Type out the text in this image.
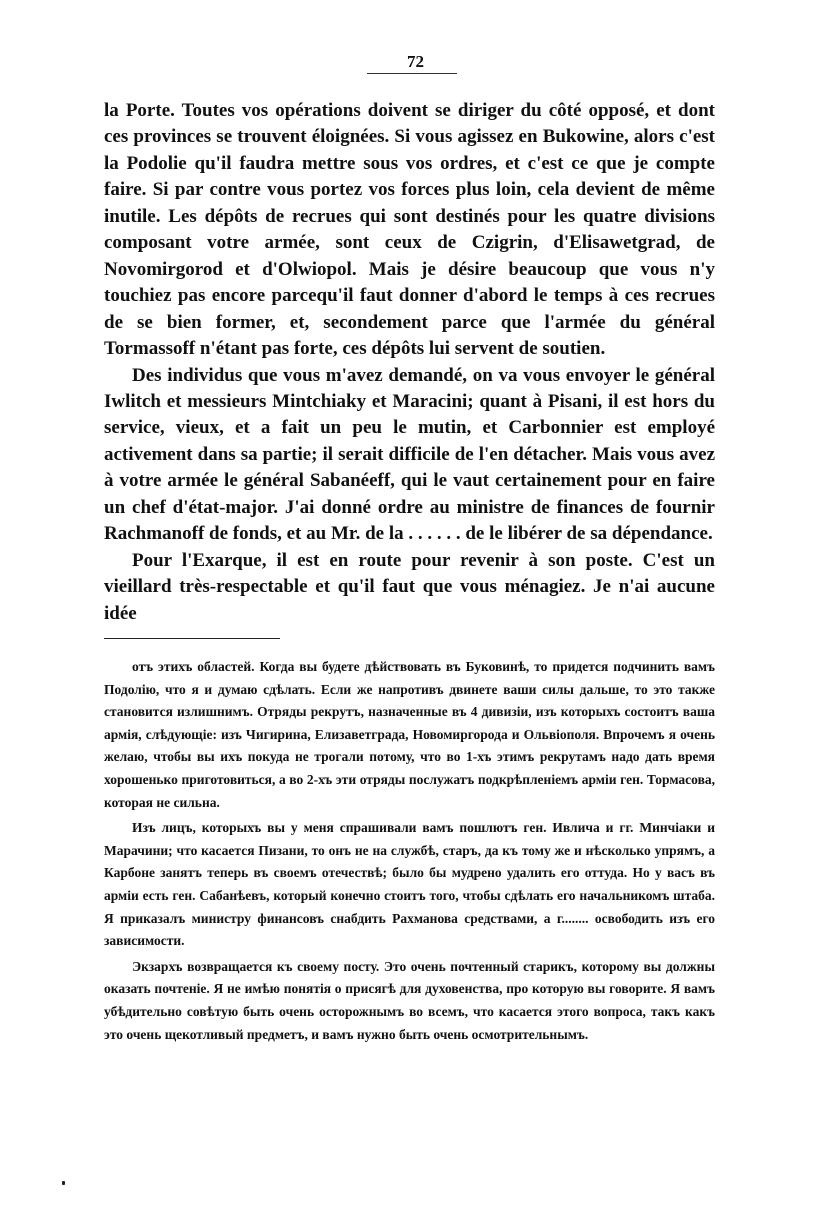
72

la Porte. Toutes vos opérations doivent se diriger du côté opposé, et dont ces provinces se trouvent éloignées. Si vous agissez en Bukowine, alors c'est la Podolie qu'il faudra mettre sous vos ordres, et c'est ce que je compte faire. Si par contre vous portez vos forces plus loin, cela devient de même inutile. Les dépôts de recrues qui sont destinés pour les quatre divisions composant votre armée, sont ceux de Czigrin, d'Elisawetgrad, de Novomirgorod et d'Olwiopol. Mais je désire beaucoup que vous n'y touchiez pas encore parcequ'il faut donner d'abord le temps à ces recrues de se bien former, et, secondement parce que l'armée du général Tormassoff n'étant pas forte, ces dépôts lui servent de soutien.

Des individus que vous m'avez demandé, on va vous envoyer le général Iwlitch et messieurs Mintchiaky et Maracini; quant à Pisani, il est hors du service, vieux, et a fait un peu le mutin, et Carbonnier est employé activement dans sa partie; il serait difficile de l'en détacher. Mais vous avez à votre armée le général Sabanéeff, qui le vaut certainement pour en faire un chef d'état-major. J'ai donné ordre au ministre de finances de fournir Rachmanoff de fonds, et au Mr. de la . . . . . . de le libérer de sa dépendance.

Pour l'Exarque, il est en route pour revenir à son poste. C'est un vieillard très-respectable et qu'il faut que vous ménagiez. Je n'ai aucune idée

отъ этихъ областей. Когда вы будете дѣйствовать въ Буковинѣ, то придется подчинить вамъ Подолію, что я и думаю сдѣлать. Если же напротивъ двинете ваши силы дальше, то это также становится излишнимъ. Отряды рекрутъ, назначенные въ 4 дивизіи, изъ которыхъ состоитъ ваша армія, слѣдующіе: изъ Чигирина, Елизаветграда, Новомиргорода и Ольвіополя. Впрочемъ я очень желаю, чтобы вы ихъ покуда не трогали потому, что во 1-хъ этимъ рекрутамъ надо дать время хорошенько приготовиться, а во 2-хъ эти отряды послужатъ подкрѣпленіемъ арміи ген. Тормасова, которая не сильна.

Изъ лицъ, которыхъ вы у меня спрашивали вамъ пошлютъ ген. Ивлича и гг. Минчіаки и Марачини; что касается Пизани, то онъ не на службѣ, старъ, да къ тому же и нѣсколько упрямъ, а Карбоне занятъ теперь въ своемъ отечествѣ; было бы мудрено удалить его оттуда. Но у васъ въ арміи есть ген. Сабанѣевъ, который конечно стоитъ того, чтобы сдѣлать его начальникомъ штаба. Я приказалъ министру финансовъ снабдить Рахманова средствами, а г........ освободить изъ его зависимости.

Экзархъ возвращается къ своему посту. Это очень почтенный старикъ, которому вы должны оказать почтеніе. Я не имѣю понятія о присягѣ для духовенства, про которую вы говорите. Я вамъ убѣдительно совѣтую быть очень осторожнымъ во всемъ, что касается этого вопроса, такъ какъ это очень щекотливый предметъ, и вамъ нужно быть очень осмотрительнымъ.
